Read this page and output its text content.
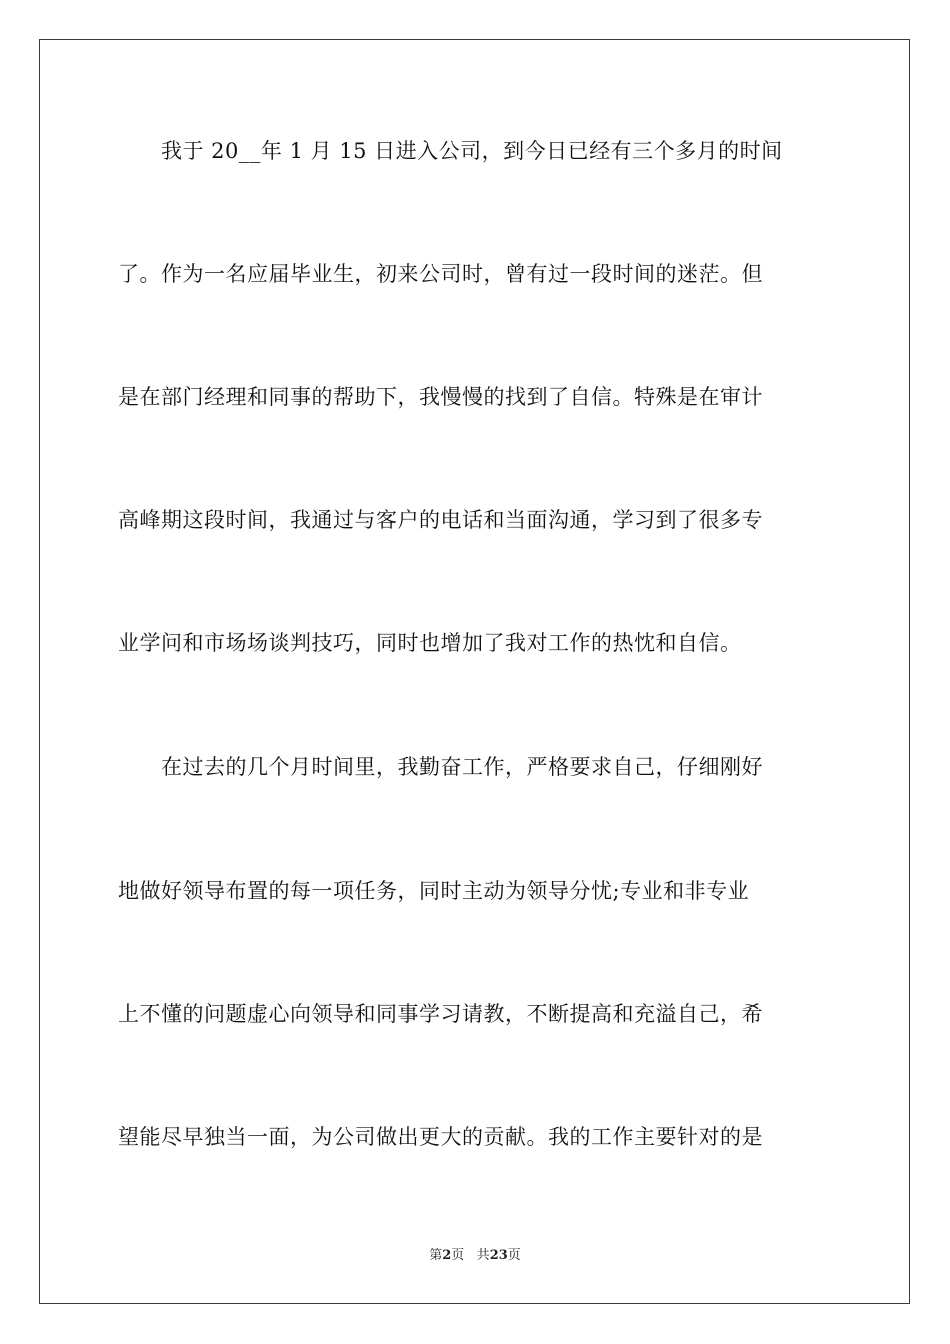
　　我于 20__年 1 月 15 日进入公司，到今日已经有三个多月的时间
了。作为一名应届毕业生，初来公司时，曾有过一段时间的迷茫。但
是在部门经理和同事的帮助下，我慢慢的找到了自信。特殊是在审计
高峰期这段时间，我通过与客户的电话和当面沟通，学习到了很多专
业学问和市场场谈判技巧，同时也增加了我对工作的热忱和自信。
　　在过去的几个月时间里，我勤奋工作，严格要求自己，仔细刚好
地做好领导布置的每一项任务，同时主动为领导分忧;专业和非专业
上不懂的问题虚心向领导和同事学习请教，不断提高和充溢自己，希
望能尽早独当一面，为公司做出更大的贡献。我的工作主要针对的是
第2页 共23页
